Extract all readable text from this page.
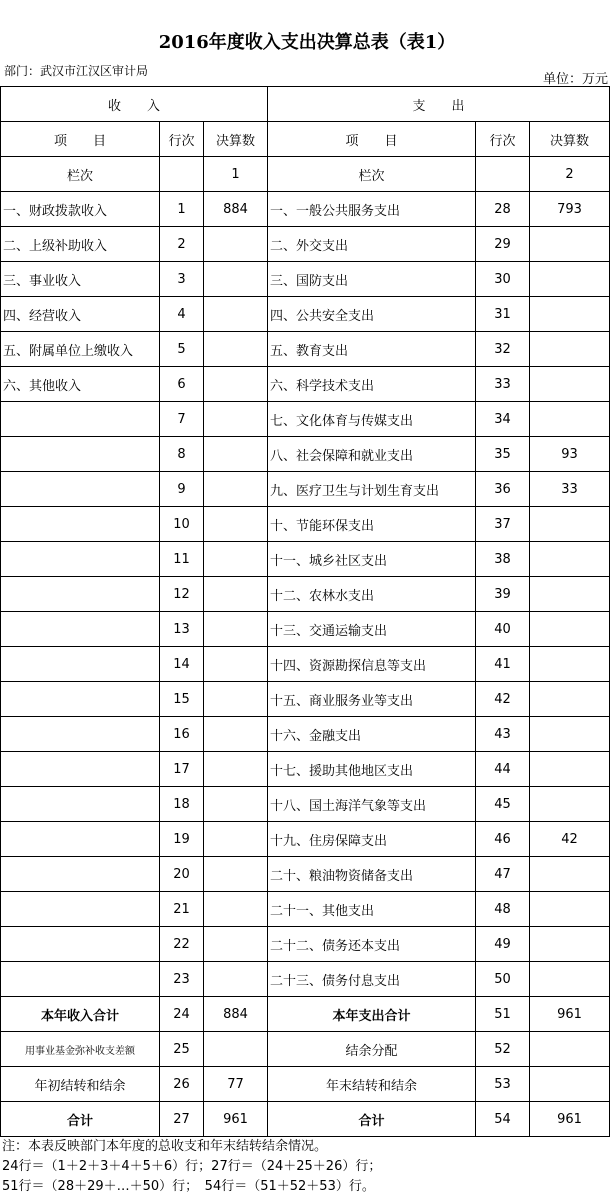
2016年度收入支出决算总表（表1）
部门：武汉市江汉区审计局
单位：万元
收　　入			支　　出		
项　　目	行次	决算数	项　　目	行次	决算数
栏次		1	栏次		2
一、财政拨款收入	1	884	一、一般公共服务支出	28	793
二、上级补助收入	2		二、外交支出	29	
三、事业收入	3		三、国防支出	30	
四、经营收入	4		四、公共安全支出	31	
五、附属单位上缴收入	5		五、教育支出	32	
六、其他收入	6		六、科学技术支出	33	
	7		七、文化体育与传媒支出	34	
	8		八、社会保障和就业支出	35	93
	9		九、医疗卫生与计划生育支出	36	33
	10		十、节能环保支出	37	
	11		十一、城乡社区支出	38	
	12		十二、农林水支出	39	
	13		十三、交通运输支出	40	
	14		十四、资源勘探信息等支出	41	
	15		十五、商业服务业等支出	42	
	16		十六、金融支出	43	
	17		十七、援助其他地区支出	44	
	18		十八、国土海洋气象等支出	45	
	19		十九、住房保障支出	46	42
	20		二十、粮油物资储备支出	47	
	21		二十一、其他支出	48	
	22		二十二、债务还本支出	49	
	23		二十三、债务付息支出	50	
本年收入合计	24	884	本年支出合计	51	961
用事业基金弥补收支差额	25		结余分配	52	
年初结转和结余	26	77	年末结转和结余	53	
合计	27	961	合计	54	961
注：本表反映部门本年度的总收支和年末结转结余情况。
24行＝（1＋2＋3＋4＋5＋6）行；27行＝（24＋25＋26）行；
51行＝（28＋29＋…＋50）行；　54行＝（51＋52＋53）行。
